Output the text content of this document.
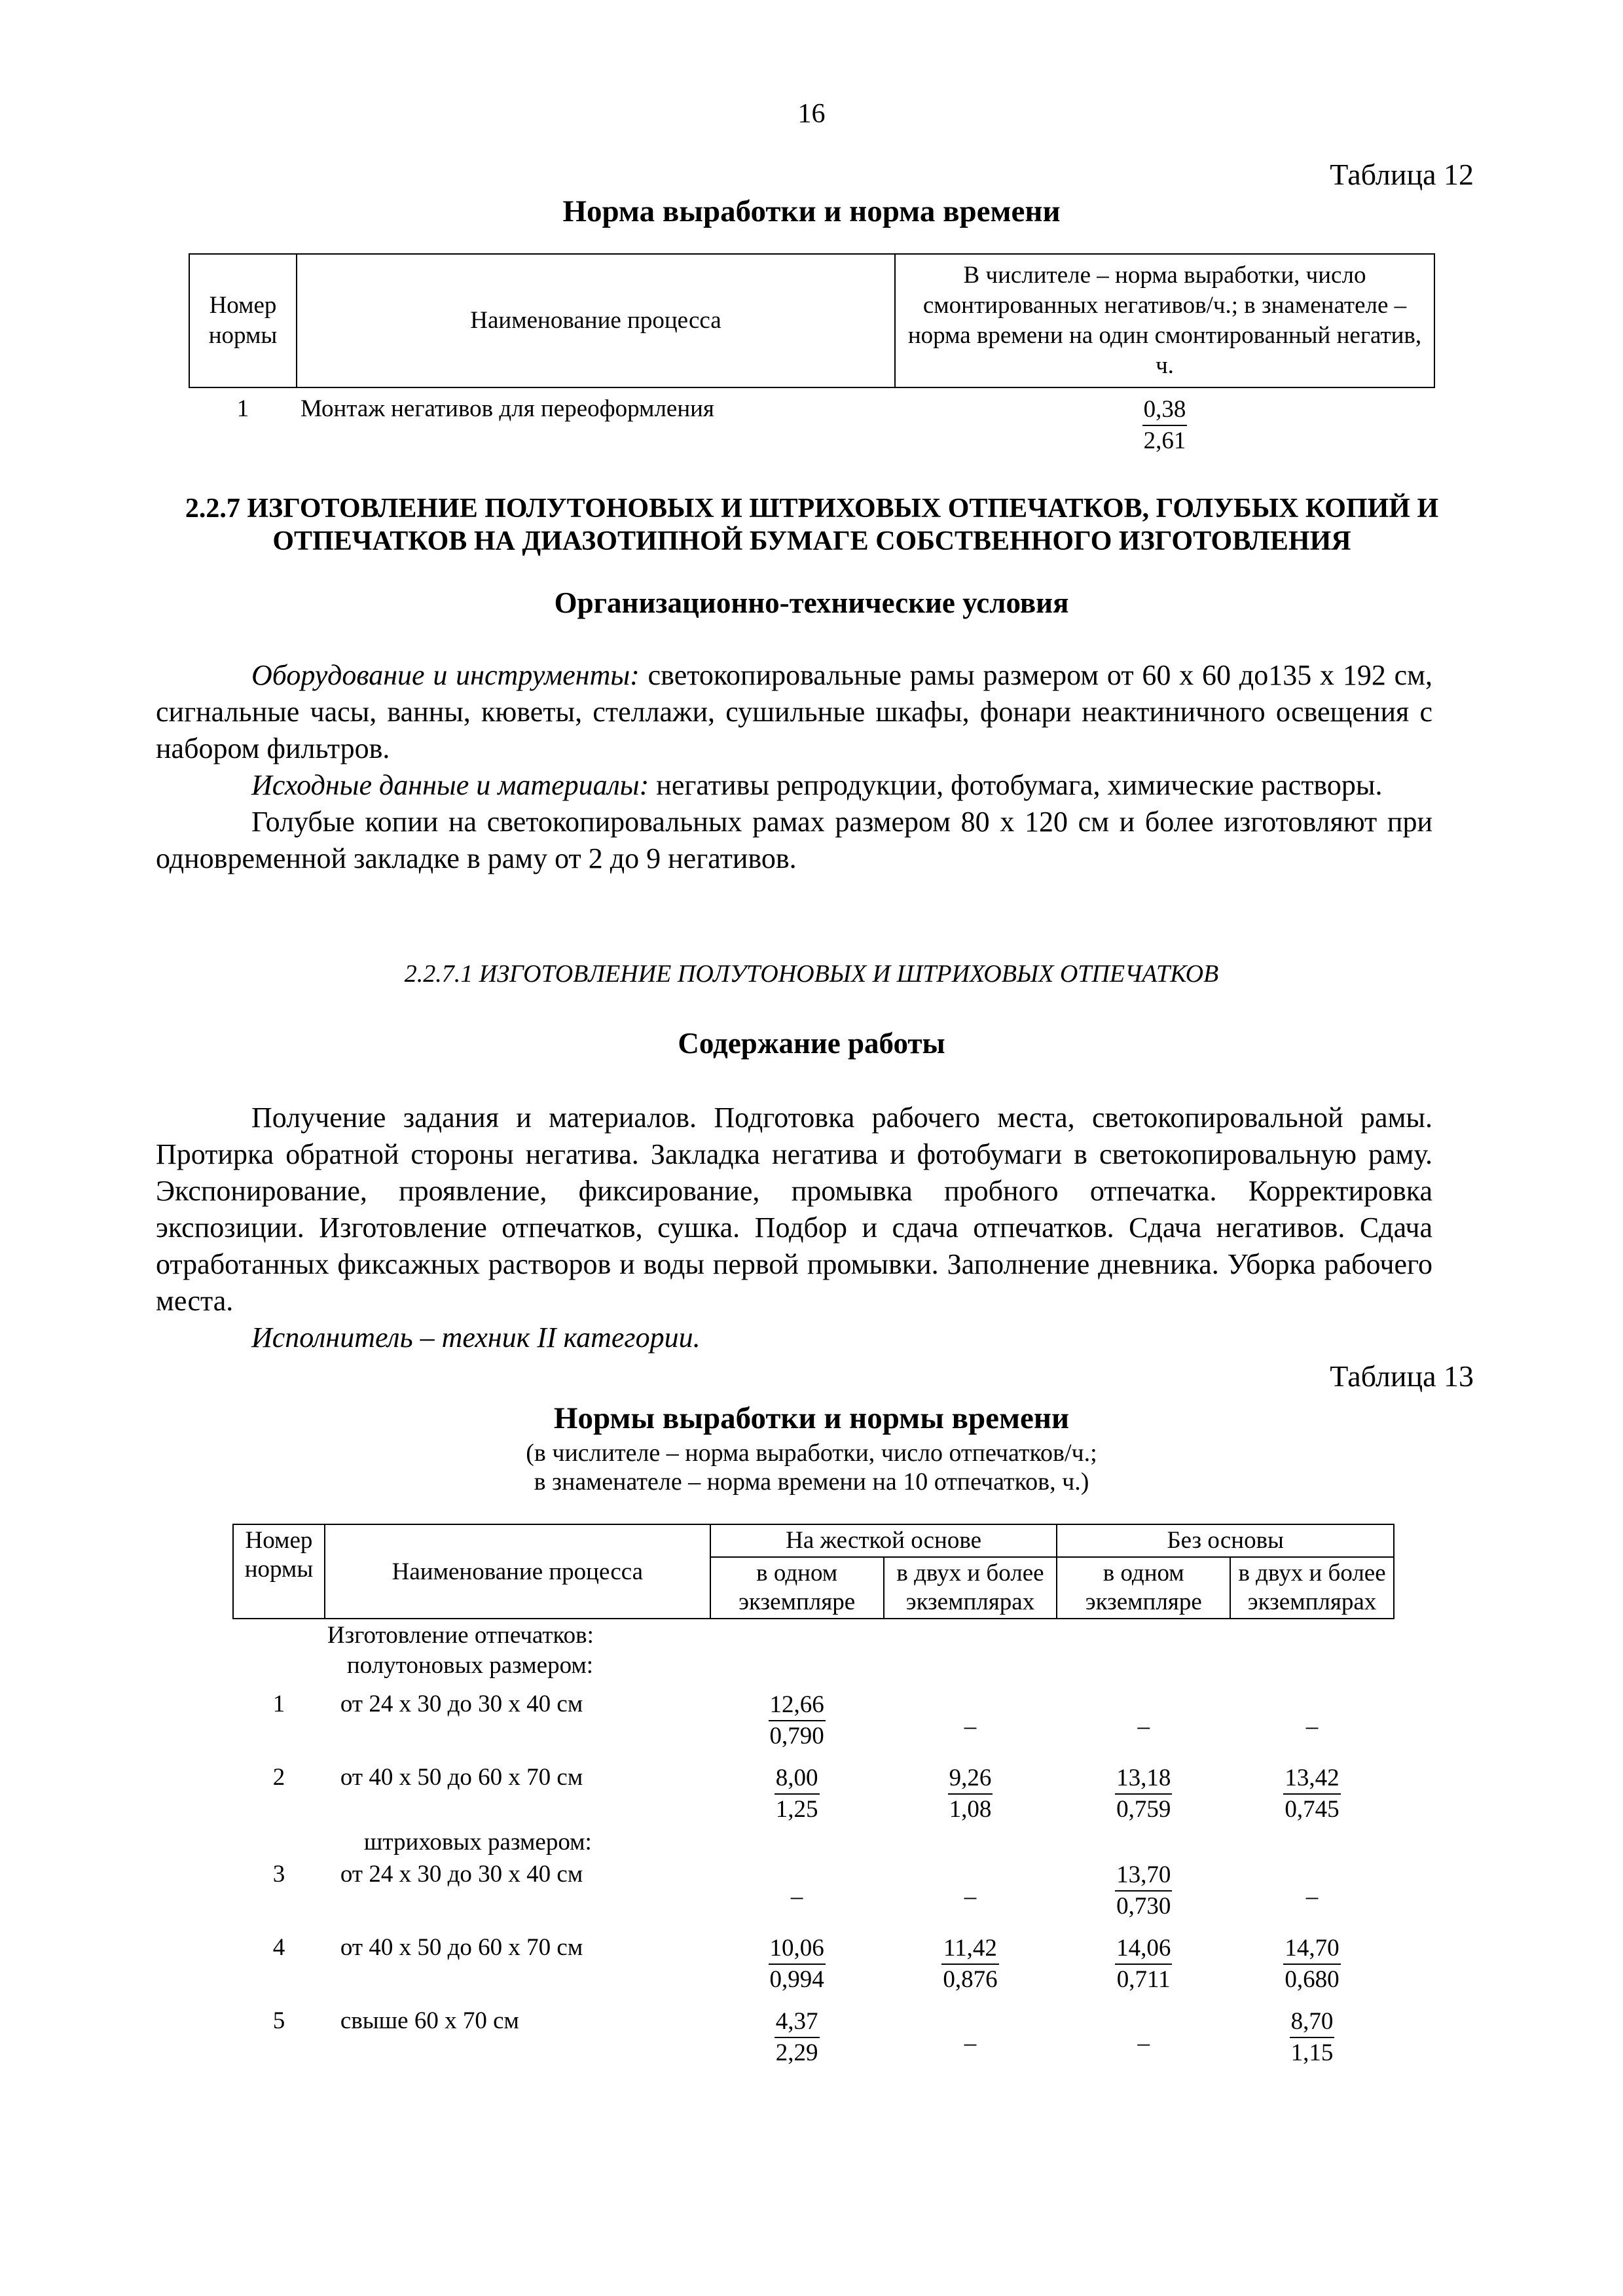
16
Таблица 12
Норма выработки и норма времени
Номер нормы	Наименование процесса	В числителе – норма выработки, число смонтированных негативов/ч.; в знаменателе – норма времени на один смонтированный негатив, ч.
1	Монтаж негативов для переоформления	$\frac{0,38}{2,61}$
2.2.7 ИЗГОТОВЛЕНИЕ ПОЛУТОНОВЫХ И ШТРИХОВЫХ ОТПЕЧАТКОВ, ГОЛУБЫХ КОПИЙ И ОТПЕЧАТКОВ НА ДИАЗОТИПНОЙ БУМАГЕ СОБСТВЕННОГО ИЗГОТОВЛЕНИЯ
Организационно-технические условия

Оборудование и инструменты: светокопировальные рамы размером от 60 х 60 до135 х 192 см, сигнальные часы, ванны, кюветы, стеллажи, сушильные шкафы, фонари неактиничного освещения с набором фильтров.

Исходные данные и материалы: негативы репродукции, фотобумага, химические растворы.

Голубые копии на светокопировальных рамах размером 80 х 120 см и более изготовляют при одновременной закладке в раму от 2 до 9 негативов.

2.2.7.1 ИЗГОТОВЛЕНИЕ ПОЛУТОНОВЫХ И ШТРИХОВЫХ ОТПЕЧАТКОВ
Содержание работы

Получение задания и материалов. Подготовка рабочего места, светокопировальной рамы. Протирка обратной стороны негатива. Закладка негатива и фотобумаги в светокопировальную раму. Экспонирование, проявление, фиксирование, промывка пробного отпечатка. Корректировка экспозиции. Изготовление отпечатков, сушка. Подбор и сдача отпечатков. Сдача негативов. Сдача отработанных фиксажных растворов и воды первой промывки. Заполнение дневника. Уборка рабочего места.

Исполнитель – техник II категории.

Таблица 13
Нормы выработки и нормы времени
(в числителе – норма выработки, число отпечатков/ч.;
в знаменателе – норма времени на 10 отпечатков, ч.)
Номер нормы	Наименование процесса	На жесткой основе		Без основы	
		в одном экземпляре	в двух и более экземплярах	в одном экземпляре	в двух и более экземплярах

	Изготовление отпечатков:
полутоновых размером:				

1	от 24 х 30 до 30 х 40 см	$\frac{12,66}{0,790}$	–	–	–
2	от 40 х 50 до 60 х 70 см	$\frac{8,00}{1,25}$	$\frac{9,26}{1,08}$	$\frac{13,18}{0,759}$	$\frac{13,42}{0,745}$

	штриховых размером:				
3	от 24 х 30 до 30 х 40 см	–	–	$\frac{13,70}{0,730}$	–
4	от 40 х 50 до 60 х 70 см	$\frac{10,06}{0,994}$	$\frac{11,42}{0,876}$	$\frac{14,06}{0,711}$	$\frac{14,70}{0,680}$

5	свыше 60 х 70 см	$\frac{4,37}{2,29}$	–	–	$\frac{8,70}{1,15}$
